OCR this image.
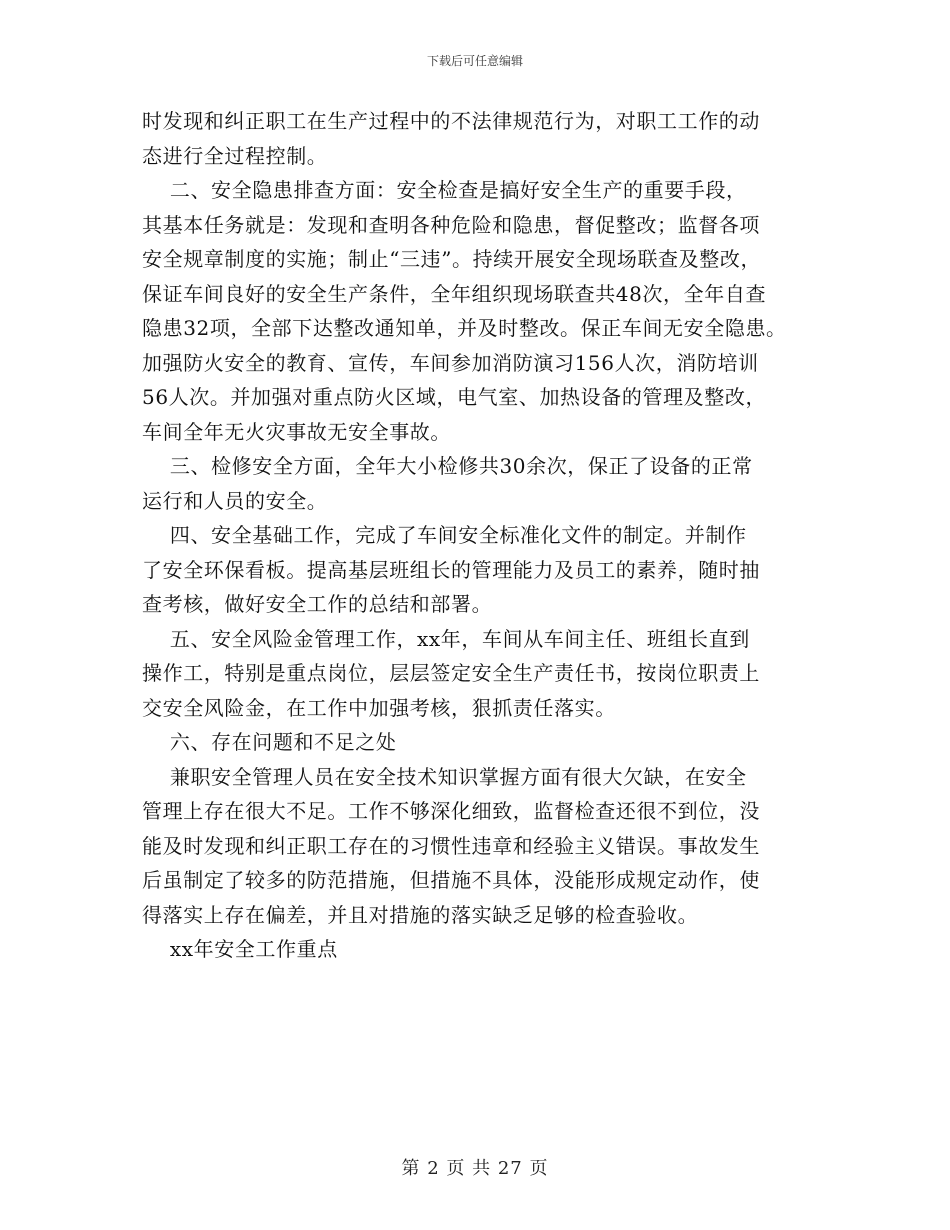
下载后可任意编辑

时发现和纠正职工在生产过程中的不法律规范行为，对职工工作的动

态进行全过程控制。

二、安全隐患排查方面：安全检查是搞好安全生产的重要手段，

其基本任务就是：发现和查明各种危险和隐患，督促整改；监督各项

安全规章制度的实施；制止“三违”。持续开展安全现场联查及整改，

保证车间良好的安全生产条件，全年组织现场联查共48次，全年自查

隐患32项，全部下达整改通知单，并及时整改。保正车间无安全隐患。

加强防火安全的教育、宣传，车间参加消防演习156人次，消防培训

56人次。并加强对重点防火区域，电气室、加热设备的管理及整改，

车间全年无火灾事故无安全事故。

三、检修安全方面，全年大小检修共30余次，保正了设备的正常

运行和人员的安全。

四、安全基础工作，完成了车间安全标准化文件的制定。并制作

了安全环保看板。提高基层班组长的管理能力及员工的素养，随时抽

查考核，做好安全工作的总结和部署。

五、安全风险金管理工作，xx年，车间从车间主任、班组长直到

操作工，特别是重点岗位，层层签定安全生产责任书，按岗位职责上

交安全风险金，在工作中加强考核，狠抓责任落实。

六、存在问题和不足之处

兼职安全管理人员在安全技术知识掌握方面有很大欠缺，在安全

管理上存在很大不足。工作不够深化细致，监督检查还很不到位，没

能及时发现和纠正职工存在的习惯性违章和经验主义错误。事故发生

后虽制定了较多的防范措施，但措施不具体，没能形成规定动作，使

得落实上存在偏差，并且对措施的落实缺乏足够的检查验收。

xx年安全工作重点

第 2 页 共 27 页
